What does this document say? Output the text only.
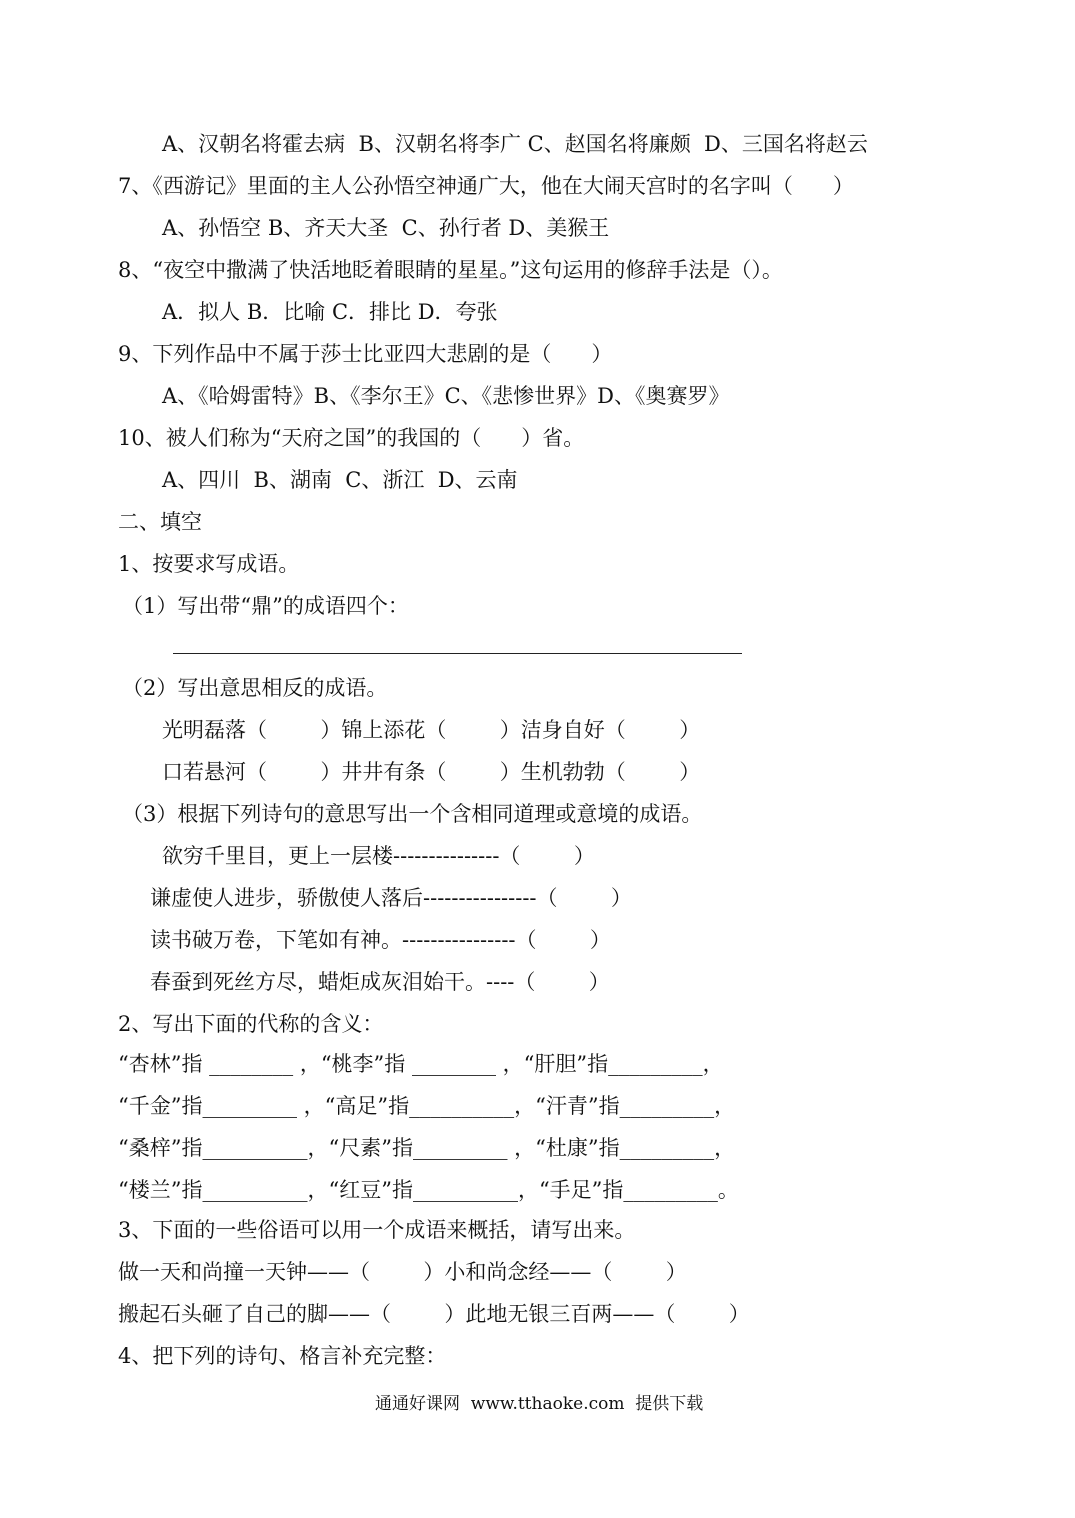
A、汉朝名将霍去病  B、汉朝名将李广 C、赵国名将廉颇  D、三国名将赵云
7、《西游记》里面的主人公孙悟空神通广大，他在大闹天宫时的名字叫（      ）
A、孙悟空 B、齐天大圣  C、孙行者 D、美猴王
8、“夜空中撒满了快活地眨着眼睛的星星。”这句运用的修辞手法是（）。
A．拟人 B．比喻 C．排比 D．夸张
9、下列作品中不属于莎士比亚四大悲剧的是（      ）
A、《哈姆雷特》B、《李尔王》C、《悲惨世界》D、《奥赛罗》
10、被人们称为“天府之国”的我国的（      ）省。
A、四川  B、湖南  C、浙江  D、云南
二、填空
1、按要求写成语。
（1）写出带“鼎”的成语四个：
（2）写出意思相反的成语。
光明磊落（        ）锦上添花（        ）洁身自好（        ）
口若悬河（        ）井井有条（        ）生机勃勃（        ）
（3）根据下列诗句的意思写出一个含相同道理或意境的成语。
欲穷千里目，更上一层楼---------------（        ）
谦虚使人进步，骄傲使人落后----------------（        ）
读书破万卷，下笔如有神。----------------（        ）
春蚕到死丝方尽，蜡炬成灰泪始干。----（        ）
2、写出下面的代称的含义：
“杏林”指 ________ ，“桃李”指 ________ ，“肝胆”指_________，
“千金”指_________ ，“高足”指__________，“汗青”指_________，
“桑梓”指__________，“尺素”指_________ ，“杜康”指_________，
“楼兰”指__________，“红豆”指__________，“手足”指_________。
3、下面的一些俗语可以用一个成语来概括，请写出来。
做一天和尚撞一天钟——（        ）小和尚念经——（        ）
搬起石头砸了自己的脚——（        ）此地无银三百两——（        ）
4、把下列的诗句、格言补充完整：
通通好课网  www.tthaoke.com  提供下载
